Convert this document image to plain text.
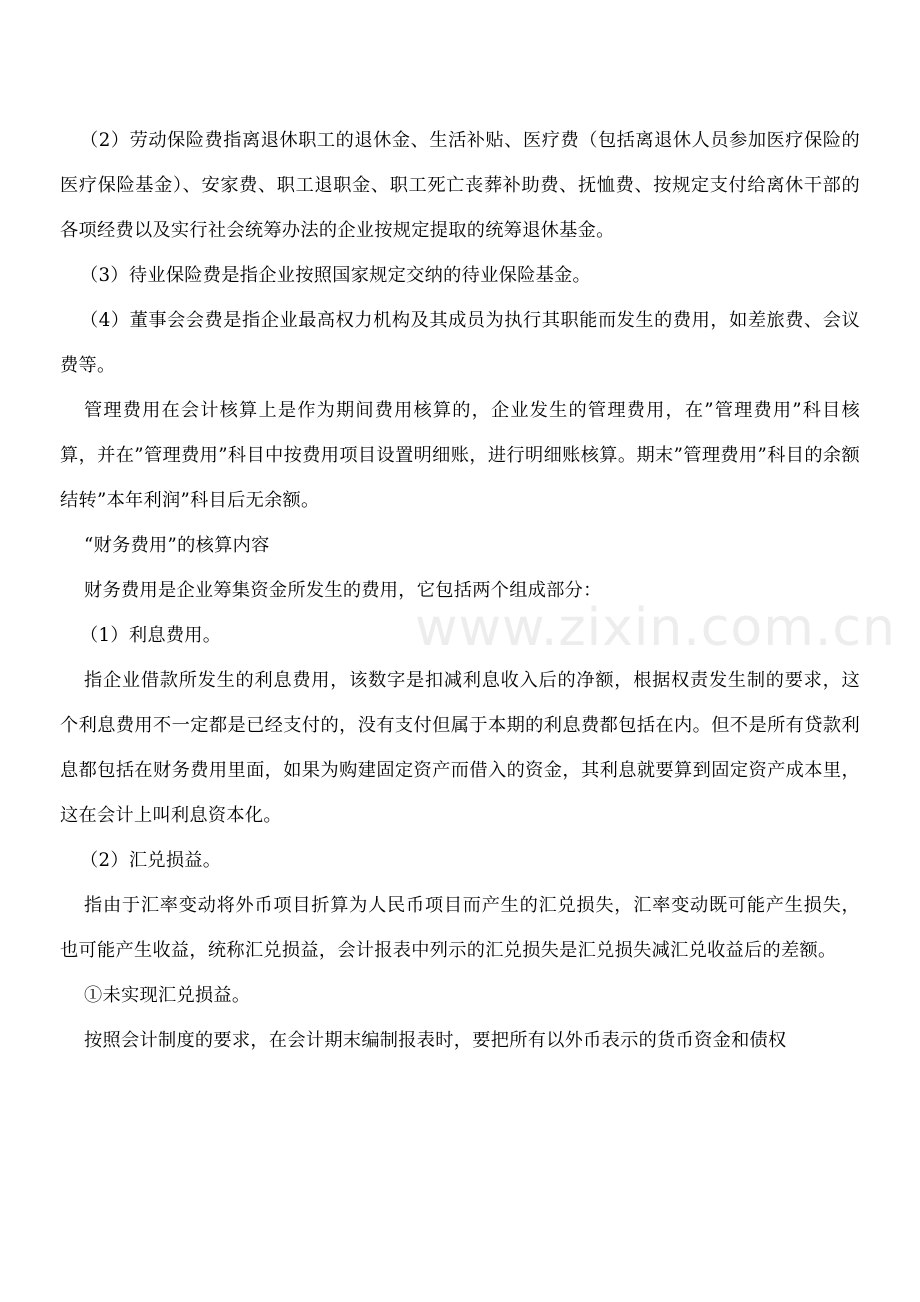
www.zixin.com.cn

（2）劳动保险费指离退休职工的退休金、生活补贴、医疗费（包括离退休人员参加医疗保险的医疗保险基金）、安家费、职工退职金、职工死亡丧葬补助费、抚恤费、按规定支付给离休干部的各项经费以及实行社会统筹办法的企业按规定提取的统筹退休基金。

（3）待业保险费是指企业按照国家规定交纳的待业保险基金。

（4）董事会会费是指企业最高权力机构及其成员为执行其职能而发生的费用，如差旅费、会议费等。

管理费用在会计核算上是作为期间费用核算的，企业发生的管理费用，在”管理费用”科目核算，并在”管理费用”科目中按费用项目设置明细账，进行明细账核算。期末”管理费用”科目的余额结转”本年利润”科目后无余额。

“财务费用”的核算内容

财务费用是企业筹集资金所发生的费用，它包括两个组成部分：

（1）利息费用。

指企业借款所发生的利息费用，该数字是扣减利息收入后的净额，根据权责发生制的要求，这个利息费用不一定都是已经支付的，没有支付但属于本期的利息费都包括在内。但不是所有贷款利息都包括在财务费用里面，如果为购建固定资产而借入的资金，其利息就要算到固定资产成本里，这在会计上叫利息资本化。

（2）汇兑损益。

指由于汇率变动将外币项目折算为人民币项目而产生的汇兑损失，汇率变动既可能产生损失，也可能产生收益，统称汇兑损益，会计报表中列示的汇兑损失是汇兑损失减汇兑收益后的差额。

①未实现汇兑损益。

按照会计制度的要求，在会计期末编制报表时，要把所有以外币表示的货币资金和债权
